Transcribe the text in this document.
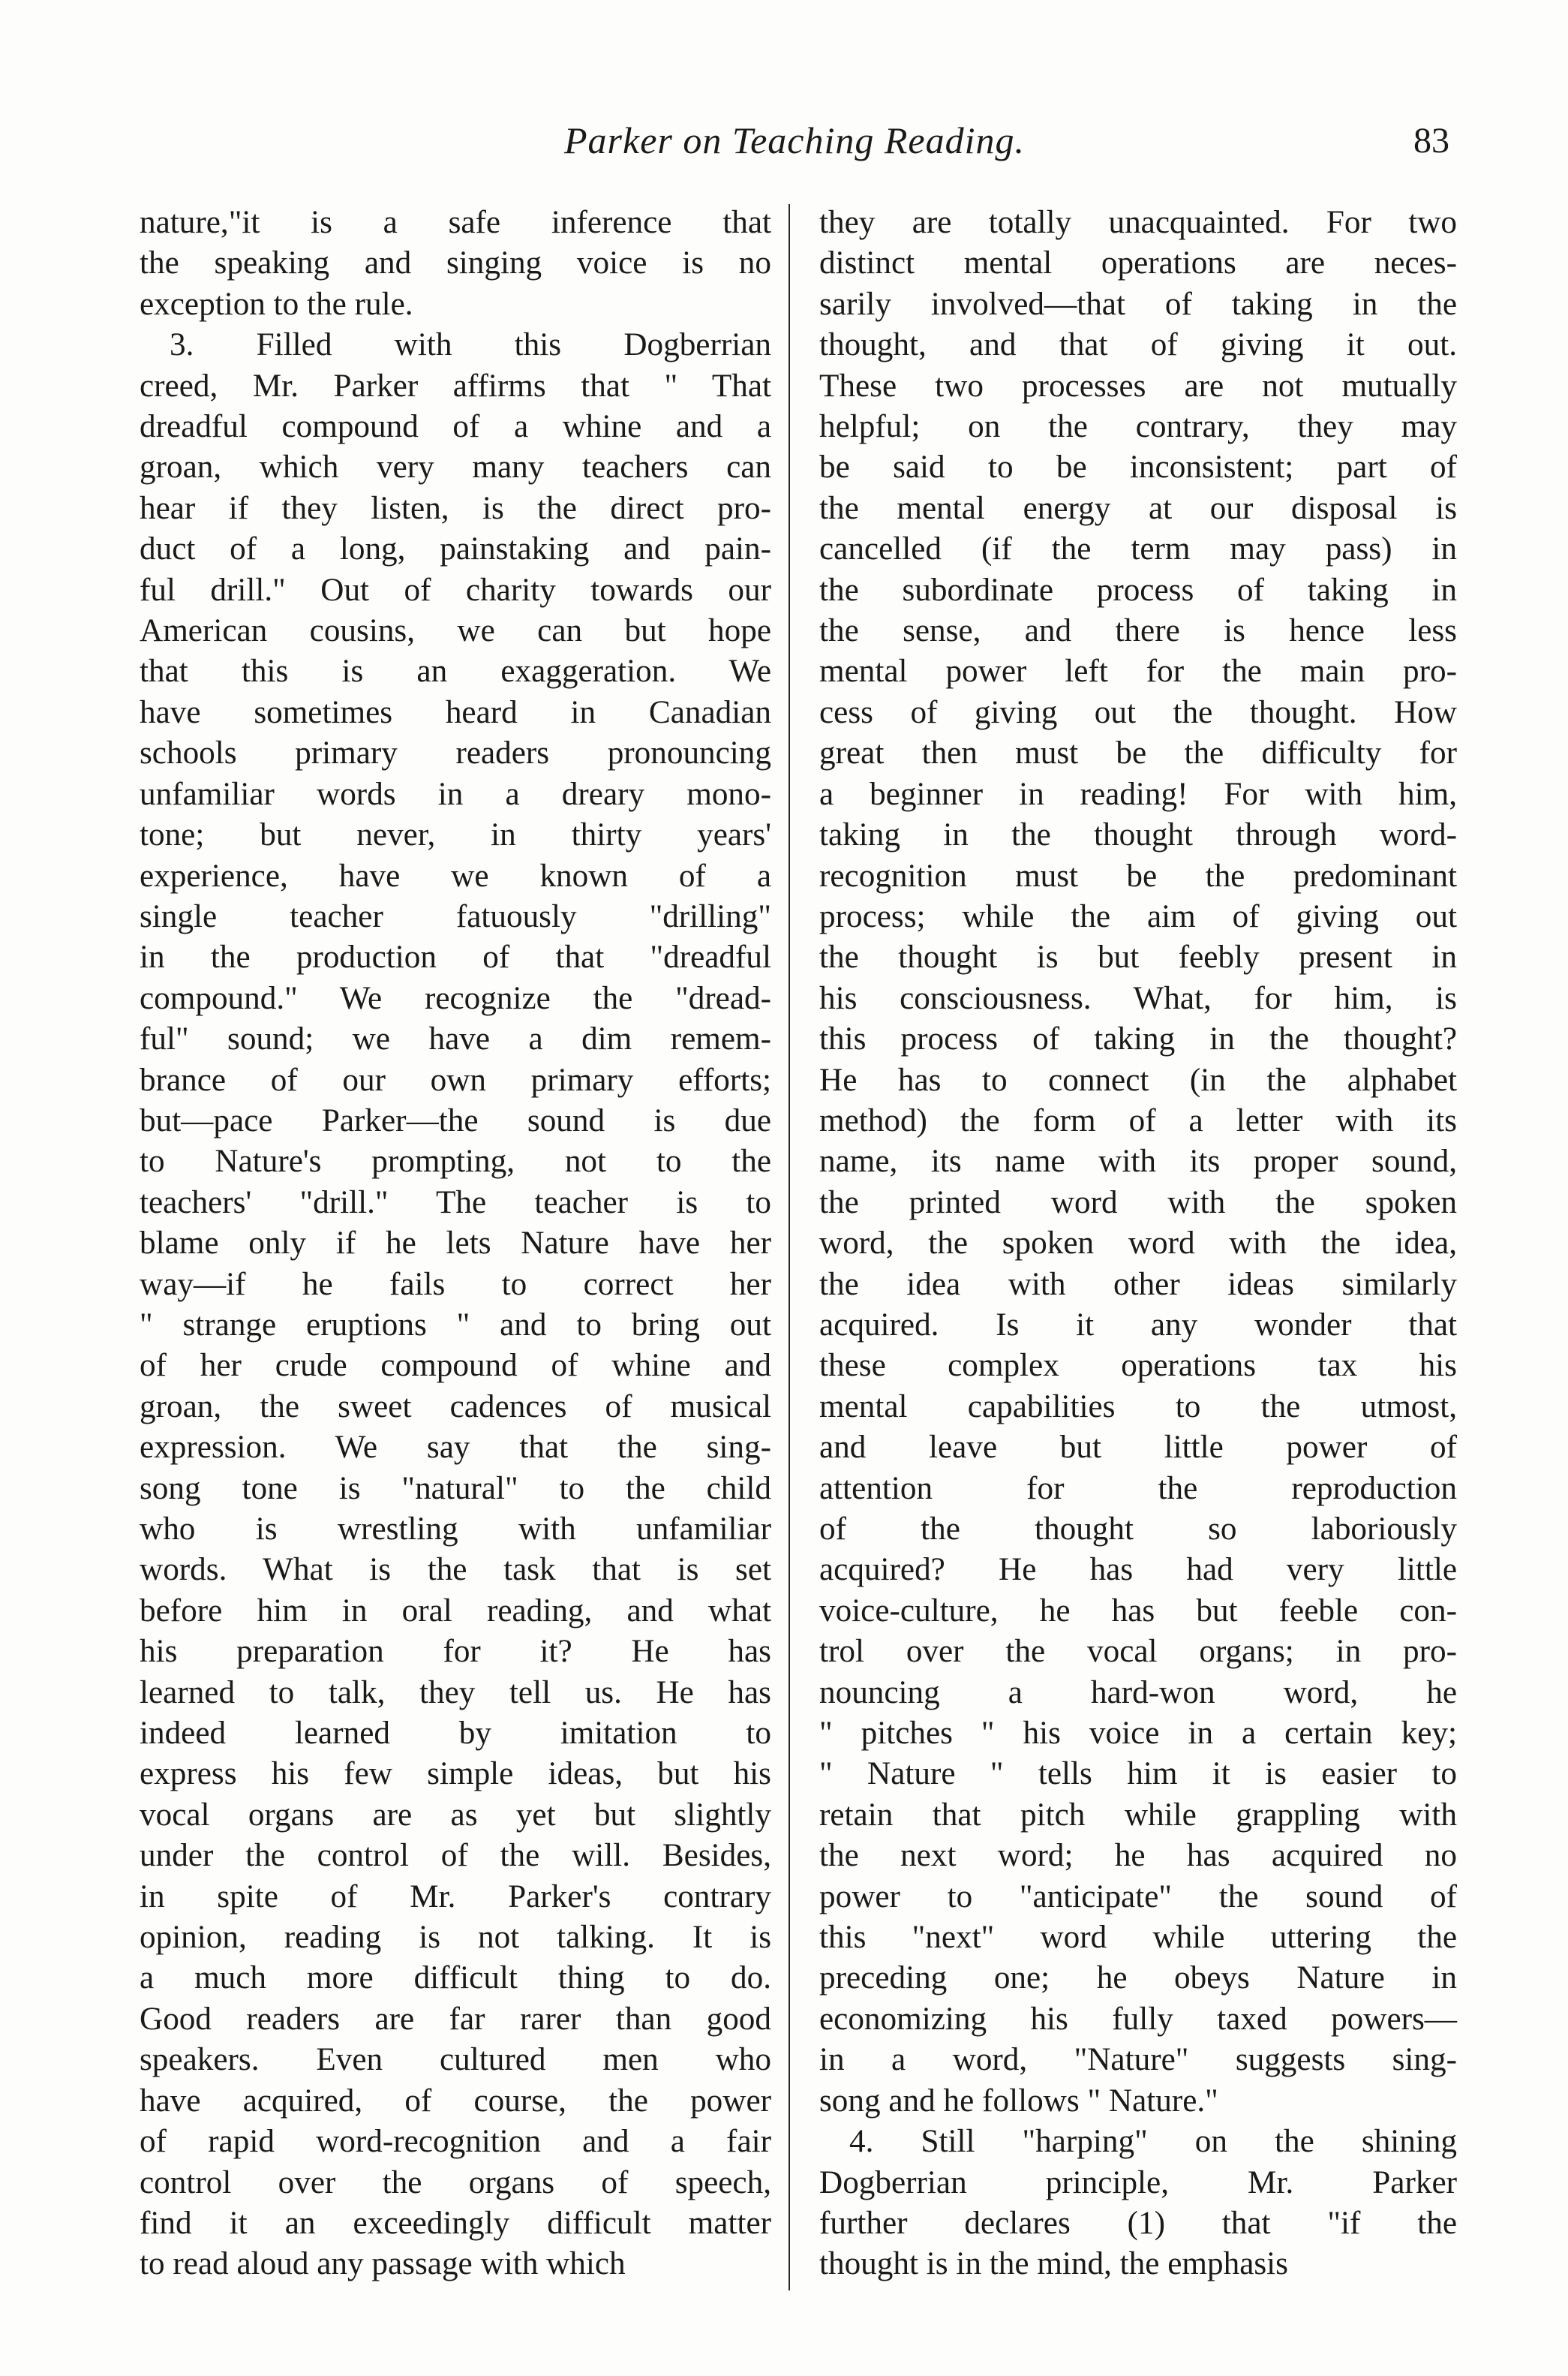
Parker on Teaching Reading.	83
nature,"it is a safe inference that
the speaking and singing voice is no
exception to the rule.
3. Filled with this Dogberrian
creed, Mr. Parker affirms that " That
dreadful compound of a whine and a
groan, which very many teachers can
hear if they listen, is the direct pro-
duct of a long, painstaking and pain-
ful drill." Out of charity towards our
American cousins, we can but hope
that this is an exaggeration. We
have sometimes heard in Canadian
schools primary readers pronouncing
unfamiliar words in a dreary mono-
tone; but never, in thirty years'
experience, have we known of a
single teacher fatuously "drilling"
in the production of that "dreadful
compound." We recognize the "dread-
ful" sound; we have a dim remem-
brance of our own primary efforts;
but—pace Parker—the sound is due
to Nature's prompting, not to the
teachers' "drill." The teacher is to
blame only if he lets Nature have her
way—if he fails to correct her
" strange eruptions " and to bring out
of her crude compound of whine and
groan, the sweet cadences of musical
expression. We say that the sing-
song tone is "natural" to the child
who is wrestling with unfamiliar
words. What is the task that is set
before him in oral reading, and what
his preparation for it? He has
learned to talk, they tell us. He has
indeed learned by imitation to
express his few simple ideas, but his
vocal organs are as yet but slightly
under the control of the will. Besides,
in spite of Mr. Parker's contrary
opinion, reading is not talking. It is
a much more difficult thing to do.
Good readers are far rarer than good
speakers. Even cultured men who
have acquired, of course, the power
of rapid word-recognition and a fair
control over the organs of speech,
find it an exceedingly difficult matter
to read aloud any passage with which
they are totally unacquainted. For two
distinct mental operations are neces-
sarily involved—that of taking in the
thought, and that of giving it out.
These two processes are not mutually
helpful; on the contrary, they may
be said to be inconsistent; part of
the mental energy at our disposal is
cancelled (if the term may pass) in
the subordinate process of taking in
the sense, and there is hence less
mental power left for the main pro-
cess of giving out the thought. How
great then must be the difficulty for
a beginner in reading! For with him,
taking in the thought through word-
recognition must be the predominant
process; while the aim of giving out
the thought is but feebly present in
his consciousness. What, for him, is
this process of taking in the thought?
He has to connect (in the alphabet
method) the form of a letter with its
name, its name with its proper sound,
the printed word with the spoken
word, the spoken word with the idea,
the idea with other ideas similarly
acquired. Is it any wonder that
these complex operations tax his
mental capabilities to the utmost,
and leave but little power of
attention for the reproduction
of the thought so laboriously
acquired? He has had very little
voice-culture, he has but feeble con-
trol over the vocal organs; in pro-
nouncing a hard-won word, he
" pitches " his voice in a certain key;
" Nature " tells him it is easier to
retain that pitch while grappling with
the next word; he has acquired no
power to "anticipate" the sound of
this "next" word while uttering the
preceding one; he obeys Nature in
economizing his fully taxed powers—
in a word, "Nature" suggests sing-
song and he follows " Nature."
4. Still "harping" on the shining
Dogberrian principle, Mr. Parker
further declares (1) that "if the
thought is in the mind, the emphasis
